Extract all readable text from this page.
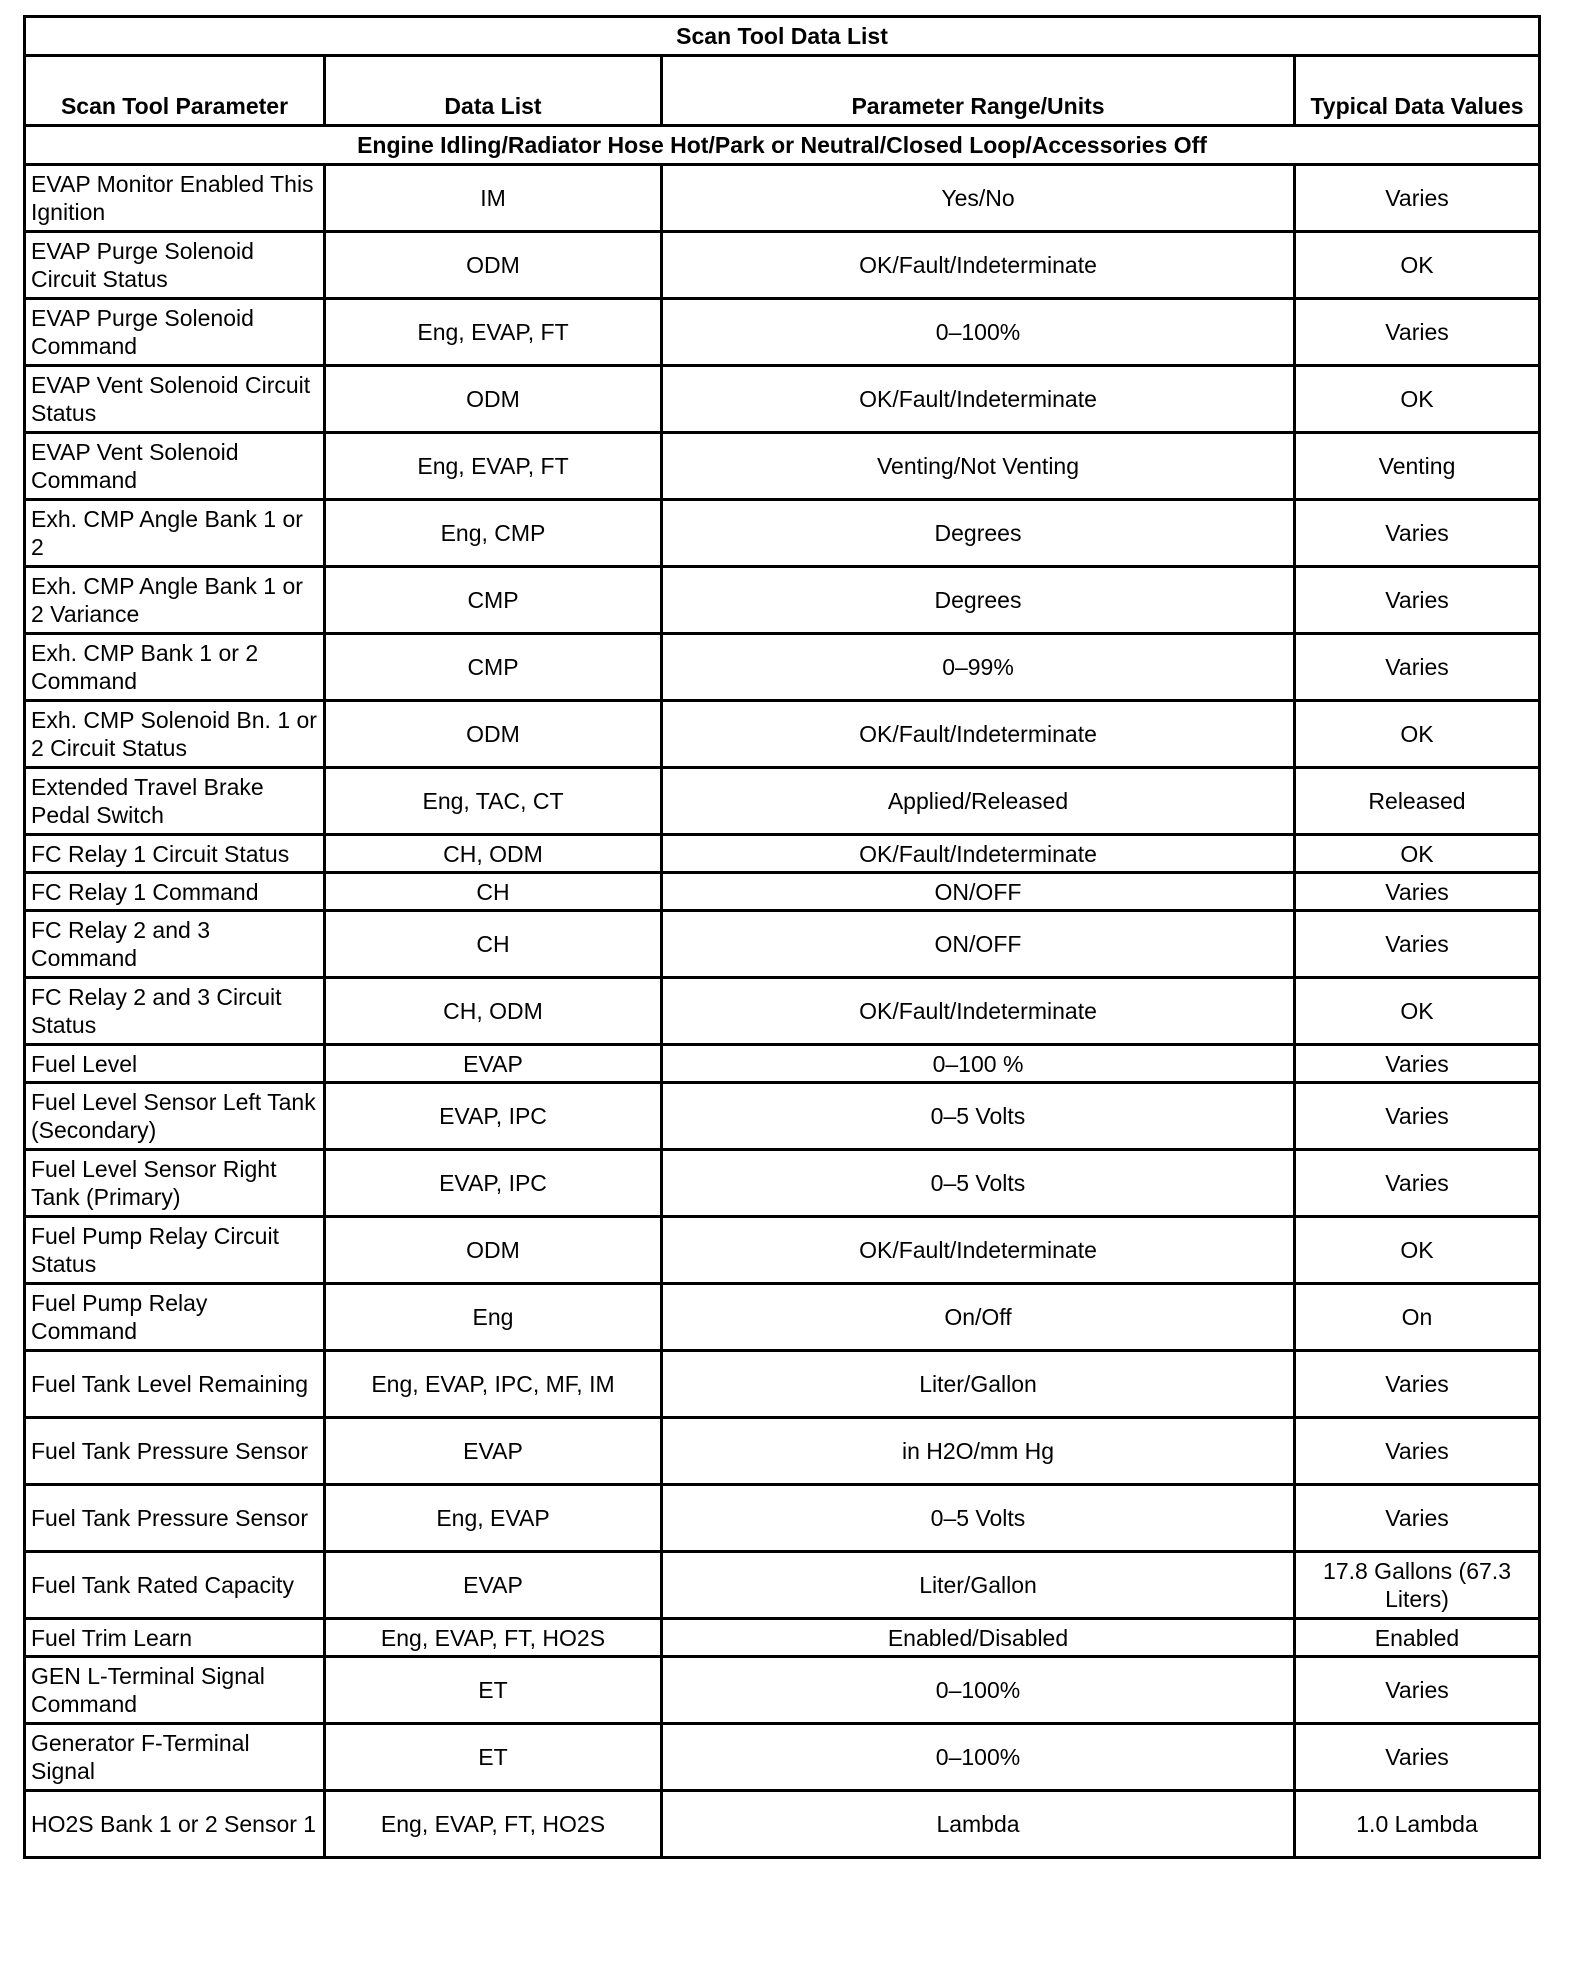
Scan Tool Data List			
Scan Tool Parameter	Data List	Parameter Range/Units	Typical Data Values
Engine Idling/Radiator Hose Hot/Park or Neutral/Closed Loop/Accessories Off			
EVAP Monitor Enabled This Ignition	IM	Yes/No	Varies
EVAP Purge Solenoid Circuit Status	ODM	OK/Fault/Indeterminate	OK
EVAP Purge Solenoid Command	Eng, EVAP, FT	0–100%	Varies
EVAP Vent Solenoid Circuit Status	ODM	OK/Fault/Indeterminate	OK
EVAP Vent Solenoid Command	Eng, EVAP, FT	Venting/Not Venting	Venting
Exh. CMP Angle Bank 1 or 2	Eng, CMP	Degrees	Varies
Exh. CMP Angle Bank 1 or 2 Variance	CMP	Degrees	Varies
Exh. CMP Bank 1 or 2 Command	CMP	0–99%	Varies
Exh. CMP Solenoid Bn. 1 or 2 Circuit Status	ODM	OK/Fault/Indeterminate	OK
Extended Travel Brake Pedal Switch	Eng, TAC, CT	Applied/Released	Released
FC Relay 1 Circuit Status	CH, ODM	OK/Fault/Indeterminate	OK
FC Relay 1 Command	CH	ON/OFF	Varies
FC Relay 2 and 3 Command	CH	ON/OFF	Varies
FC Relay 2 and 3 Circuit Status	CH, ODM	OK/Fault/Indeterminate	OK
Fuel Level	EVAP	0–100 %	Varies
Fuel Level Sensor Left Tank (Secondary)	EVAP, IPC	0–5 Volts	Varies
Fuel Level Sensor Right Tank (Primary)	EVAP, IPC	0–5 Volts	Varies
Fuel Pump Relay Circuit Status	ODM	OK/Fault/Indeterminate	OK
Fuel Pump Relay Command	Eng	On/Off	On
Fuel Tank Level Remaining	Eng, EVAP, IPC, MF, IM	Liter/Gallon	Varies
Fuel Tank Pressure Sensor	EVAP	in H2O/mm Hg	Varies
Fuel Tank Pressure Sensor	Eng, EVAP	0–5 Volts	Varies
Fuel Tank Rated Capacity	EVAP	Liter/Gallon	17.8 Gallons (67.3 Liters)
Fuel Trim Learn	Eng, EVAP, FT, HO2S	Enabled/Disabled	Enabled
GEN L-Terminal Signal Command	ET	0–100%	Varies
Generator F-Terminal Signal	ET	0–100%	Varies
HO2S Bank 1 or 2 Sensor 1	Eng, EVAP, FT, HO2S	Lambda	1.0 Lambda
